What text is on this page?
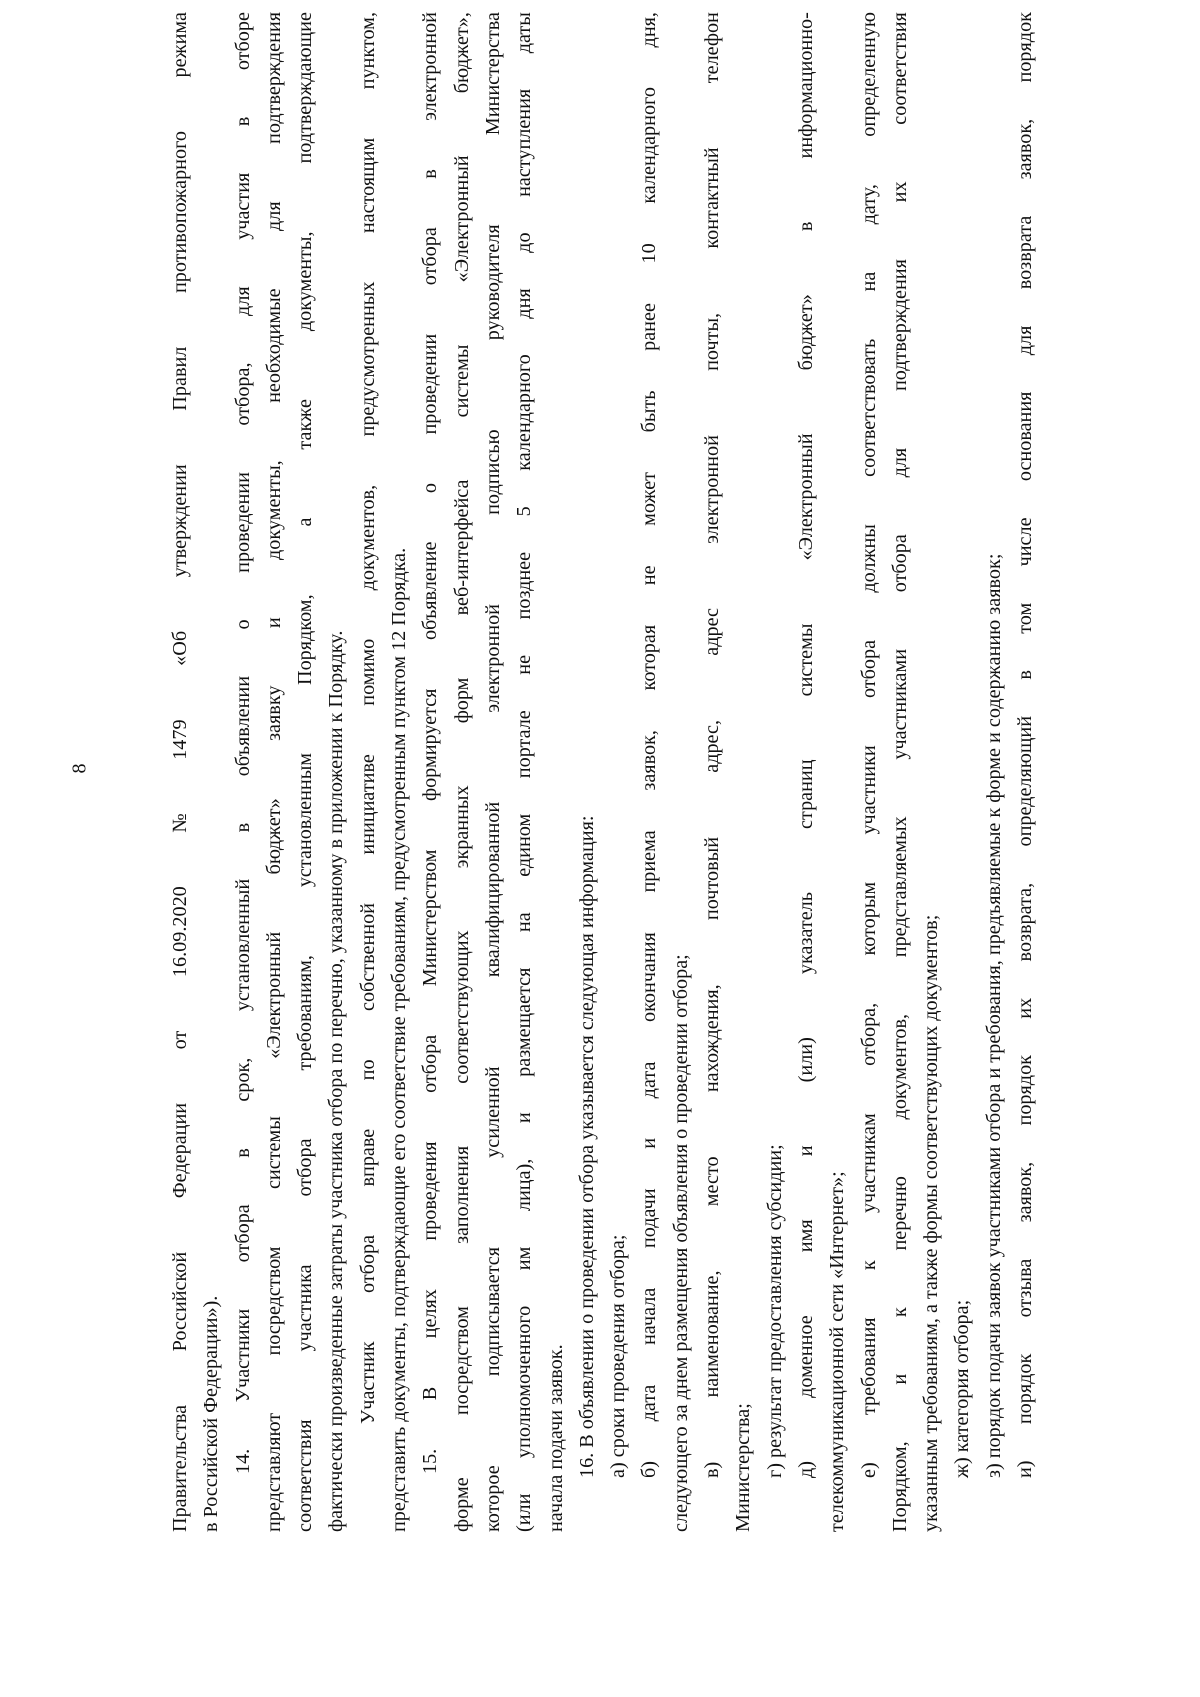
8
Правительства
Российской
Федерации
от
16.09.2020
№
1479
«Об
утверждении
Правил
противопожарного
режима
в Российской Федерации»). 14.
Участники
отбора
в
срок,
установленный
в
объявлении
о
проведении
отбора,
для
участия
в
отборе
представляют
посредством
системы
«Электронный
бюджет»
заявку
и
документы,
необходимые
для
подтверждения
соответствия
участника
отбора
требованиям,
установленным
Порядком,
а
также
документы,
подтверждающие
фактически произведенные затраты участника отбора по перечню, указанному в приложении к Порядку. Участник
отбора
вправе
по
собственной
инициативе
помимо
документов,
предусмотренных
настоящим
пунктом,
представить документы, подтверждающие его соответствие требованиям, предусмотренным пунктом 12 Порядка. 15.
В
целях
проведения
отбора
Министерством
формируется
объявление
о
проведении
отбора
в
электронной
форме
посредством
заполнения
соответствующих
экранных
форм
веб-интерфейса
системы
«Электронный
бюджет»,
которое
подписывается
усиленной
квалифицированной
электронной
подписью
руководителя
Министерства
(или
уполномоченного
им
лица),
и
размещается
на
едином
портале
не
позднее
5
календарного
дня
до
наступления
даты
начала подачи заявок. 16. В объявлении о проведении отбора указывается следующая информация: а) сроки проведения отбора; б)
дата
начала
подачи
и
дата
окончания
приема
заявок,
которая
не
может
быть
ранее
10
календарного
дня,
следующего за днем размещения объявления о проведении отбора; в)
наименование,
место
нахождения,
почтовый
адрес,
адрес
электронной
почты,
контактный
телефон
Министерства; г) результат предоставления субсидии; д)
доменное
имя
и
(или)
указатель
страниц
системы
«Электронный
бюджет»
в
информационно-
телекоммуникационной сети «Интернет»; е)
требования
к
участникам
отбора,
которым
участники
отбора
должны
соответствовать
на
дату,
определенную
Порядком,
и
к
перечню
документов,
представляемых
участниками
отбора
для
подтверждения
их
соответствия
указанным требованиям, а также формы соответствующих документов; ж) категория отбора; з) порядок подачи заявок участниками отбора и требования, предъявляемые к форме и содержанию заявок; и)
порядок
отзыва
заявок,
порядок
их
возврата,
определяющий
в
том
числе
основания
для
возврата
заявок,
порядок
